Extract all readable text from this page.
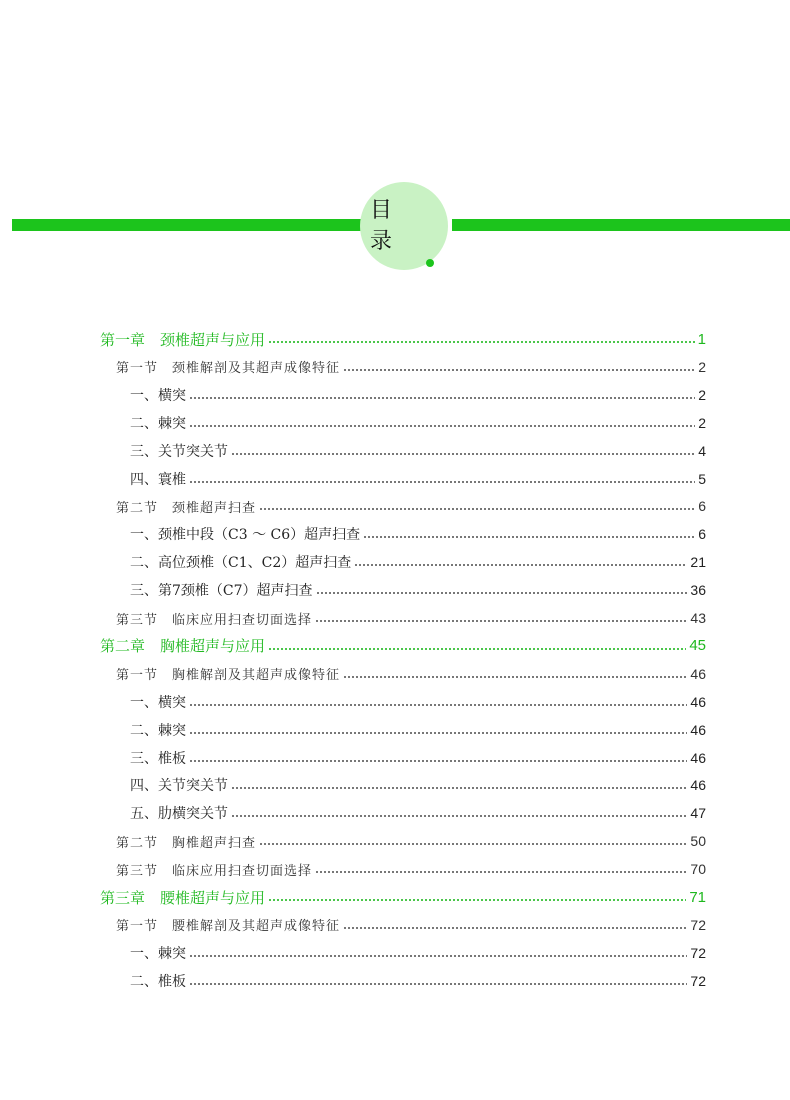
目 录
第一章　颈椎超声与应用	1
第一节　颈椎解剖及其超声成像特征	2
一、横突	2
二、棘突	2
三、关节突关节	4
四、寰椎	5
第二节　颈椎超声扫查	6
一、颈椎中段（C3 ～ C6）超声扫查	6
二、高位颈椎（C1、C2）超声扫查	21
三、第7颈椎（C7）超声扫查	36
第三节　临床应用扫查切面选择	43
第二章　胸椎超声与应用	45
第一节　胸椎解剖及其超声成像特征	46
一、横突	46
二、棘突	46
三、椎板	46
四、关节突关节	46
五、肋横突关节	47
第二节　胸椎超声扫查	50
第三节　临床应用扫查切面选择	70
第三章　腰椎超声与应用	71
第一节　腰椎解剖及其超声成像特征	72
一、棘突	72
二、椎板	72
